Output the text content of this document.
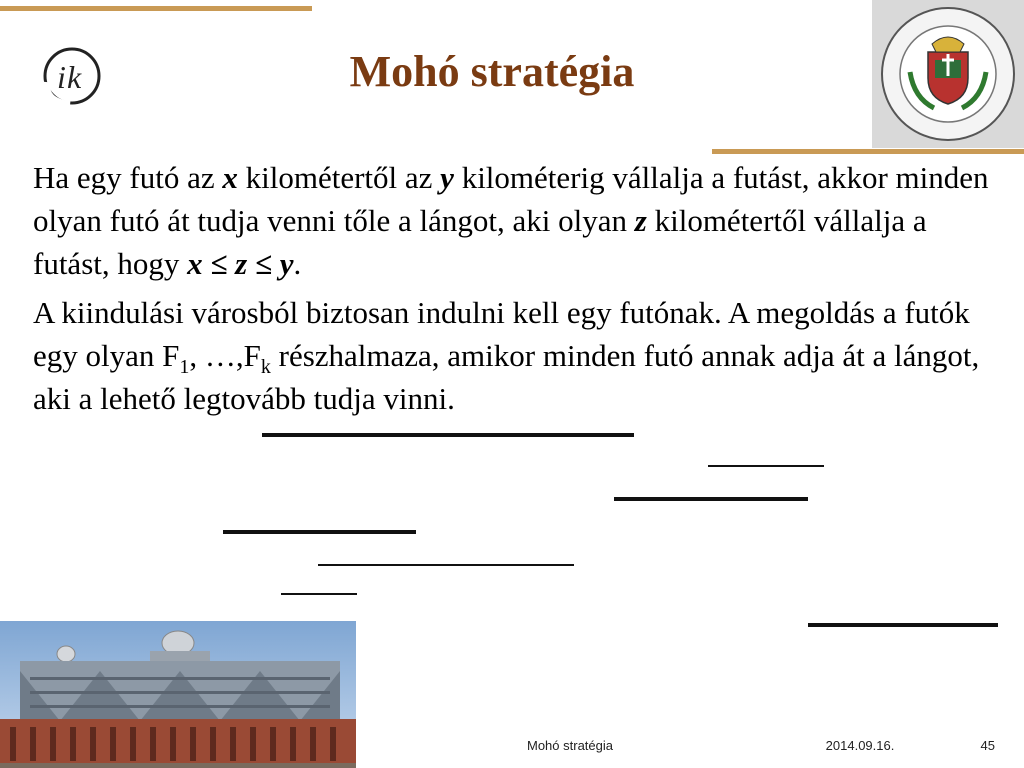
i k	Mohó stratégia

Ha egy futó az x kilométertől az y kilométerig vállalja a futást, akkor minden olyan futó át tudja venni tőle a lángot, aki olyan z kilométertől vállalja a futást, hogy x ≤ z ≤ y.

A kiindulási városból biztosan indulni kell egy futónak. A megoldás a futók egy olyan $F_1$, $\dots,F_k$ részhalmaza, amikor minden futó annak adja át a lángot, aki a lehető legtovább tudja vinni.

Mohó stratégia	2014.09.16.	45
